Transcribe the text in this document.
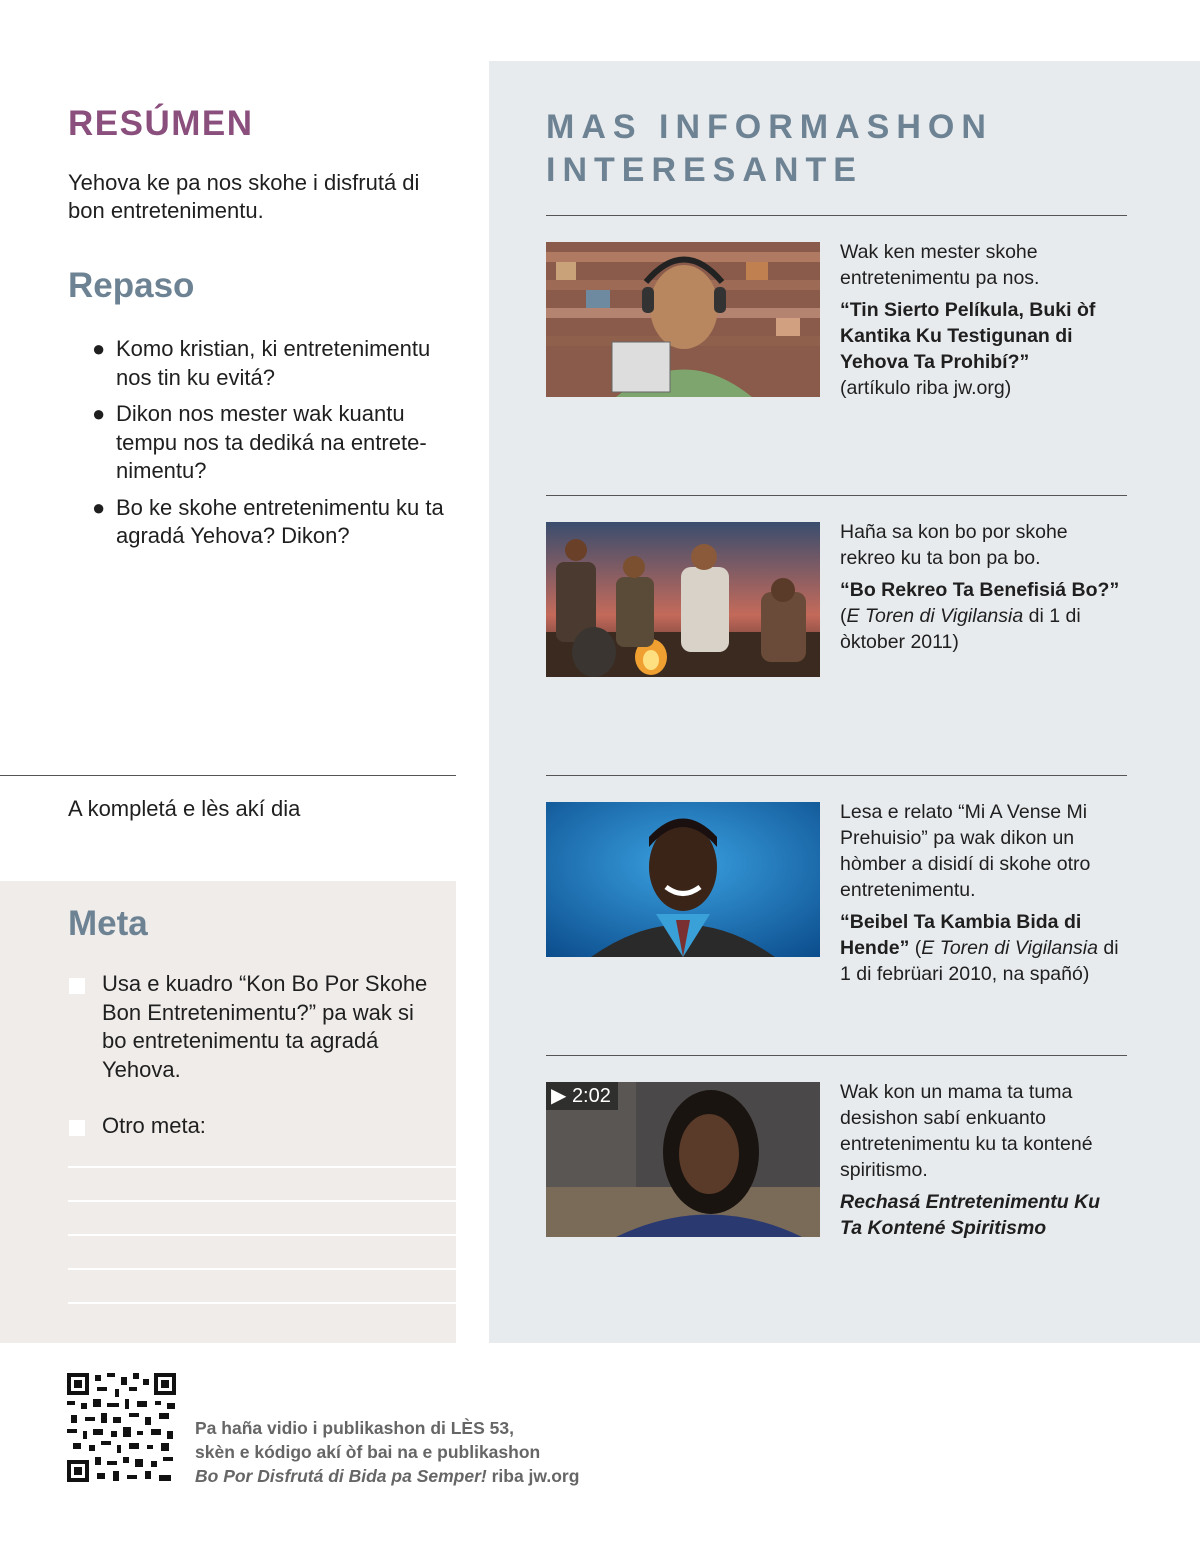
RESÚMEN
Yehova ke pa nos skohe i disfrutá di bon entretenimentu.
Repaso
● Komo kristian, ki entretenimentu nos tin ku evitá?
● Dikon nos mester wak kuantu tempu nos ta dediká na entrete-nimentu?
● Bo ke skohe entretenimentu ku ta agradá Yehova? Dikon?
A kompletá e lès akí dia
Meta
Usa e kuadro “Kon Bo Por Skohe Bon Entretenimentu?” pa wak si bo entretenimentu ta agradá Yehova.
Otro meta:
MAS INFORMASHON INTERESANTE

Wak ken mester skohe entretenimentu pa nos.

“Tin Sierto Pelíkula, Buki òf Kantika Ku Testigunan di Yehova Ta Prohibí?”

(artíkulo riba jw.org)

Haña sa kon bo por skohe rekreo ku ta bon pa bo.

“Bo Rekreo Ta Benefisiá Bo?”

(E Toren di Vigilansia di 1 di òktober 2011)

Lesa e relato “Mi A Vense Mi Prehuisio” pa wak dikon un hòmber a disidí di skohe otro entretenimentu.

“Beibel Ta Kambia Bida di Hende” (E Toren di Vigilansia di 1 di febrüari 2010, na spañó)

▶ 2:02	Wak kon un mama ta tuma desishon sabí enkuanto entretenimentu ku ta kontené spiritismo.

Rechasá Entretenimentu Ku Ta Kontené Spiritismo

Pa haña vidio i publikashon di LÈS 53,
skèn e kódigo akí òf bai na e publikashon
Bo Por Disfrutá di Bida pa Semper! riba jw.org
